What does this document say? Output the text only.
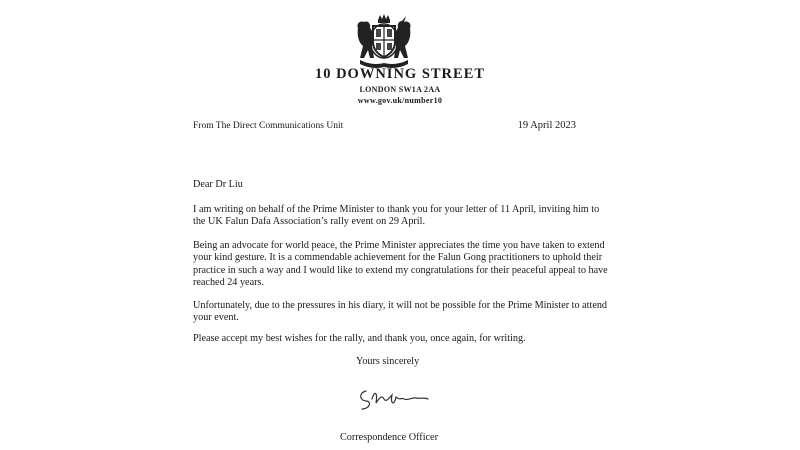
10 DOWNING STREET
LONDON SW1A 2AA
www.gov.uk/number10
From The Direct Communications Unit	19 April 2023
Dear Dr Liu

I am writing on behalf of the Prime Minister to thank you for your letter of 11 April, inviting him to the UK Falun Dafa Association’s rally event on 29 April.

Being an advocate for world peace, the Prime Minister appreciates the time you have taken to extend your kind gesture. It is a commendable achievement for the Falun Gong practitioners to uphold their practice in such a way and I would like to extend my congratulations for their peaceful appeal to have reached 24 years.

Unfortunately, due to the pressures in his diary, it will not be possible for the Prime Minister to attend your event.

Please accept my best wishes for the rally, and thank you, once again, for writing.

Yours sincerely
Correspondence Officer
